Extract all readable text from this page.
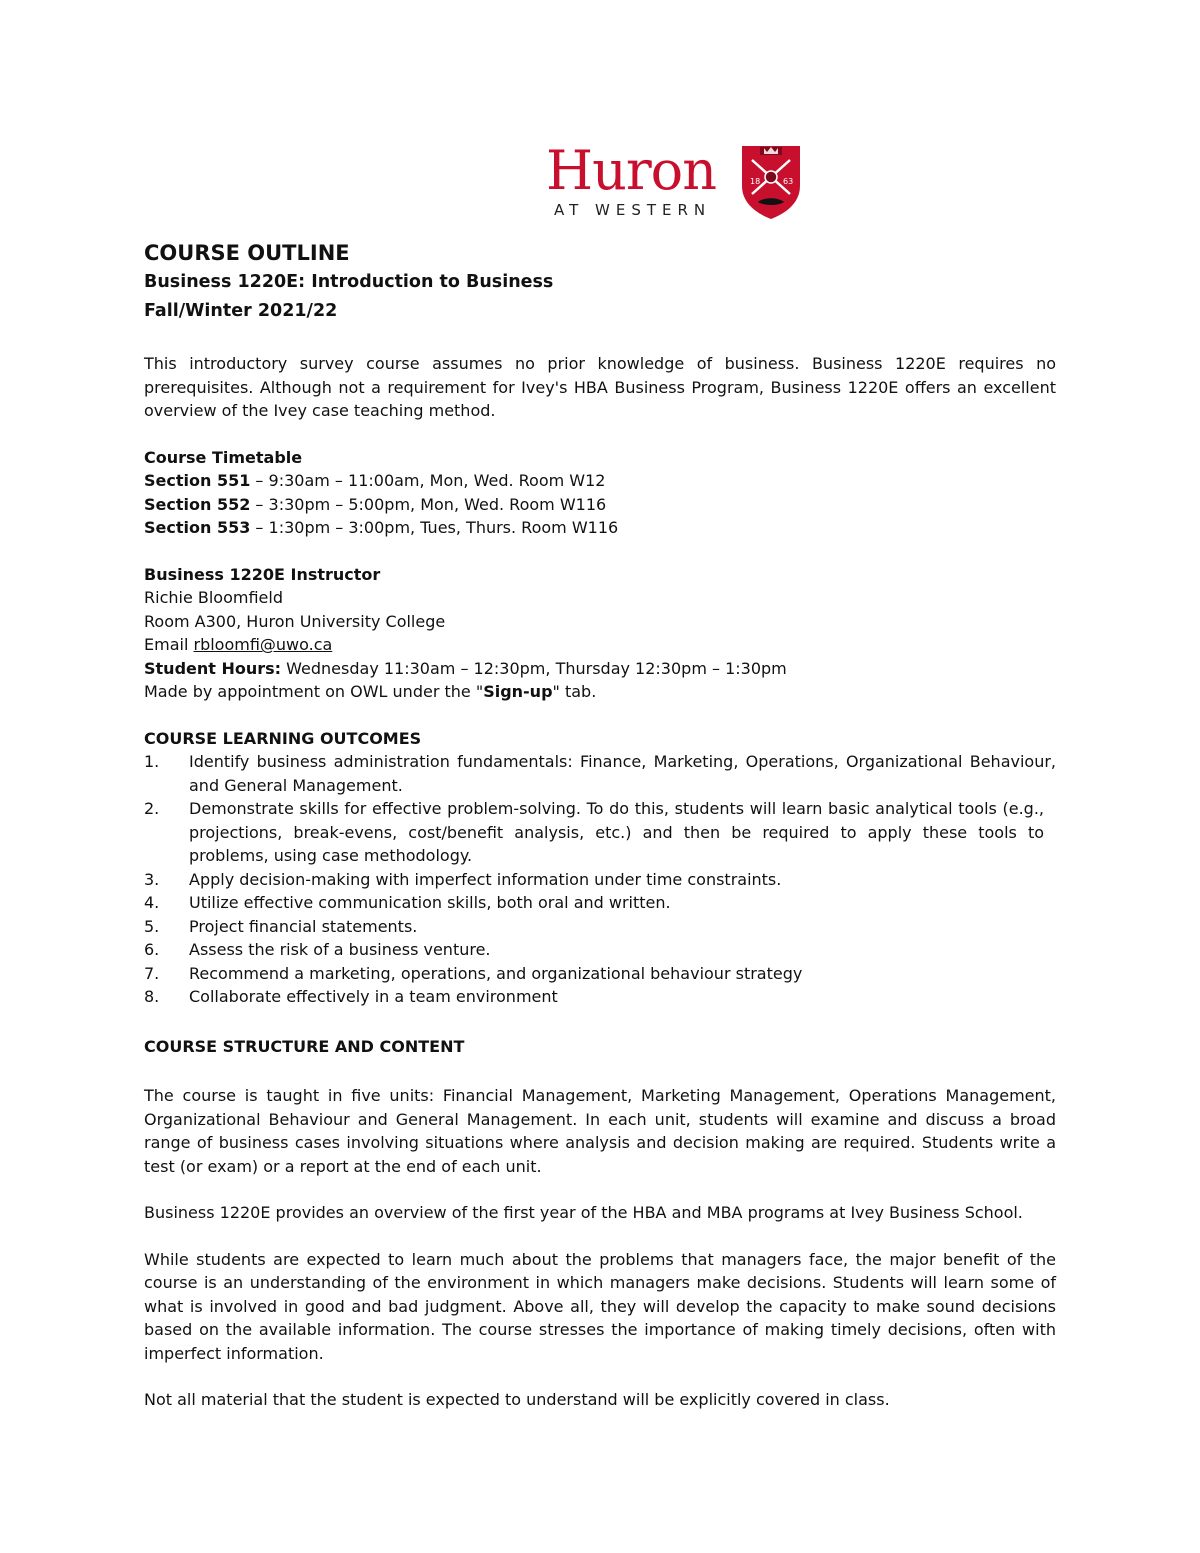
Huron
AT WESTERN
18	63
COURSE OUTLINE
Business 1220E: Introduction to Business
Fall/Winter 2021/22

This introductory survey course assumes no prior knowledge of business. Business 1220E requires no prerequisites. Although not a requirement for Ivey's HBA Business Program, Business 1220E offers an excellent overview of the Ivey case teaching method.

Course Timetable

Section 551 – 9:30am – 11:00am, Mon, Wed. Room W12

Section 552 – 3:30pm – 5:00pm, Mon, Wed. Room W116

Section 553 – 1:30pm – 3:00pm, Tues, Thurs. Room W116

Business 1220E Instructor

Richie Bloomfield

Room A300, Huron University College

Email rbloomfi@uwo.ca

Student Hours: Wednesday 11:30am – 12:30pm, Thursday 12:30pm – 1:30pm

Made by appointment on OWL under the "Sign-up" tab.

COURSE LEARNING OUTCOMES

1. Identify business administration fundamentals: Finance, Marketing, Operations, Organizational Behaviour, and General Management.
2. Demonstrate skills for effective problem-solving. To do this, students will learn basic analytical tools (e.g., projections, break-evens, cost/benefit analysis, etc.) and then be required to apply these tools to problems, using case methodology.
3. Apply decision-making with imperfect information under time constraints.
4. Utilize effective communication skills, both oral and written.
5. Project financial statements.
6. Assess the risk of a business venture.
7. Recommend a marketing, operations, and organizational behaviour strategy
8. Collaborate effectively in a team environment

COURSE STRUCTURE AND CONTENT

The course is taught in five units: Financial Management, Marketing Management, Operations Management, Organizational Behaviour and General Management. In each unit, students will examine and discuss a broad range of business cases involving situations where analysis and decision making are required. Students write a test (or exam) or a report at the end of each unit.

Business 1220E provides an overview of the first year of the HBA and MBA programs at Ivey Business School.

While students are expected to learn much about the problems that managers face, the major benefit of the course is an understanding of the environment in which managers make decisions. Students will learn some of what is involved in good and bad judgment. Above all, they will develop the capacity to make sound decisions based on the available information. The course stresses the importance of making timely decisions, often with imperfect information.

Not all material that the student is expected to understand will be explicitly covered in class.
